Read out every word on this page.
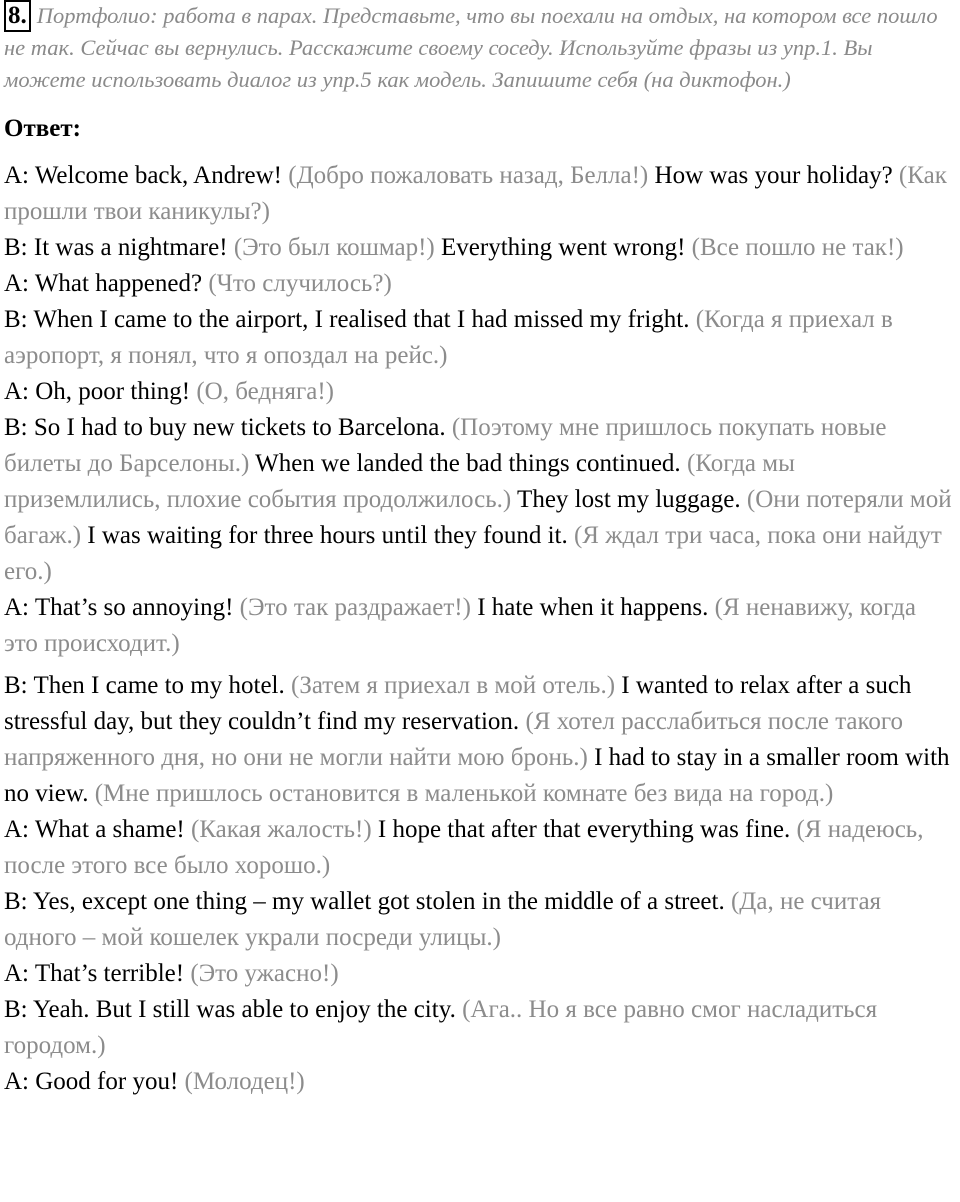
8. Портфолио: работа в парах. Представьте, что вы поехали на отдых, на котором все пошло не так. Сейчас вы вернулись. Расскажите своему соседу. Используйте фразы из упр.1. Вы можете использовать диалог из упр.5 как модель. Запишите себя (на диктофон.)

Ответ:

A: Welcome back, Andrew! (Добро пожаловать назад, Белла!) How was your holiday? (Как прошли твои каникулы?)

B: It was a nightmare! (Это был кошмар!) Everything went wrong! (Все пошло не так!)

A: What happened? (Что случилось?)

B: When I came to the airport, I realised that I had missed my fright. (Когда я приехал в аэропорт, я понял, что я опоздал на рейс.)

A: Oh, poor thing! (О, бедняга!)

B: So I had to buy new tickets to Barcelona. (Поэтому мне пришлось покупать новые билеты до Барселоны.) When we landed the bad things continued. (Когда мы приземлились, плохие события продолжилось.) They lost my luggage. (Они потеряли мой багаж.) I was waiting for three hours until they found it. (Я ждал три часа, пока они найдут его.)

A: That’s so annoying! (Это так раздражает!) I hate when it happens. (Я ненавижу, когда это происходит.)

B: Then I came to my hotel. (Затем я приехал в мой отель.) I wanted to relax after a such stressful day, but they couldn’t find my reservation. (Я хотел расслабиться после такого напряженного дня, но они не могли найти мою бронь.) I had to stay in a smaller room with no view. (Мне пришлось остановится в маленькой комнате без вида на город.)

A: What a shame! (Какая жалость!) I hope that after that everything was fine. (Я надеюсь, после этого все было хорошо.)

B: Yes, except one thing – my wallet got stolen in the middle of a street. (Да, не считая одного – мой кошелек украли посреди улицы.)

A: That’s terrible! (Это ужасно!)

B: Yeah. But I still was able to enjoy the city. (Ага.. Но я все равно смог насладиться городом.)

A: Good for you! (Молодец!)
